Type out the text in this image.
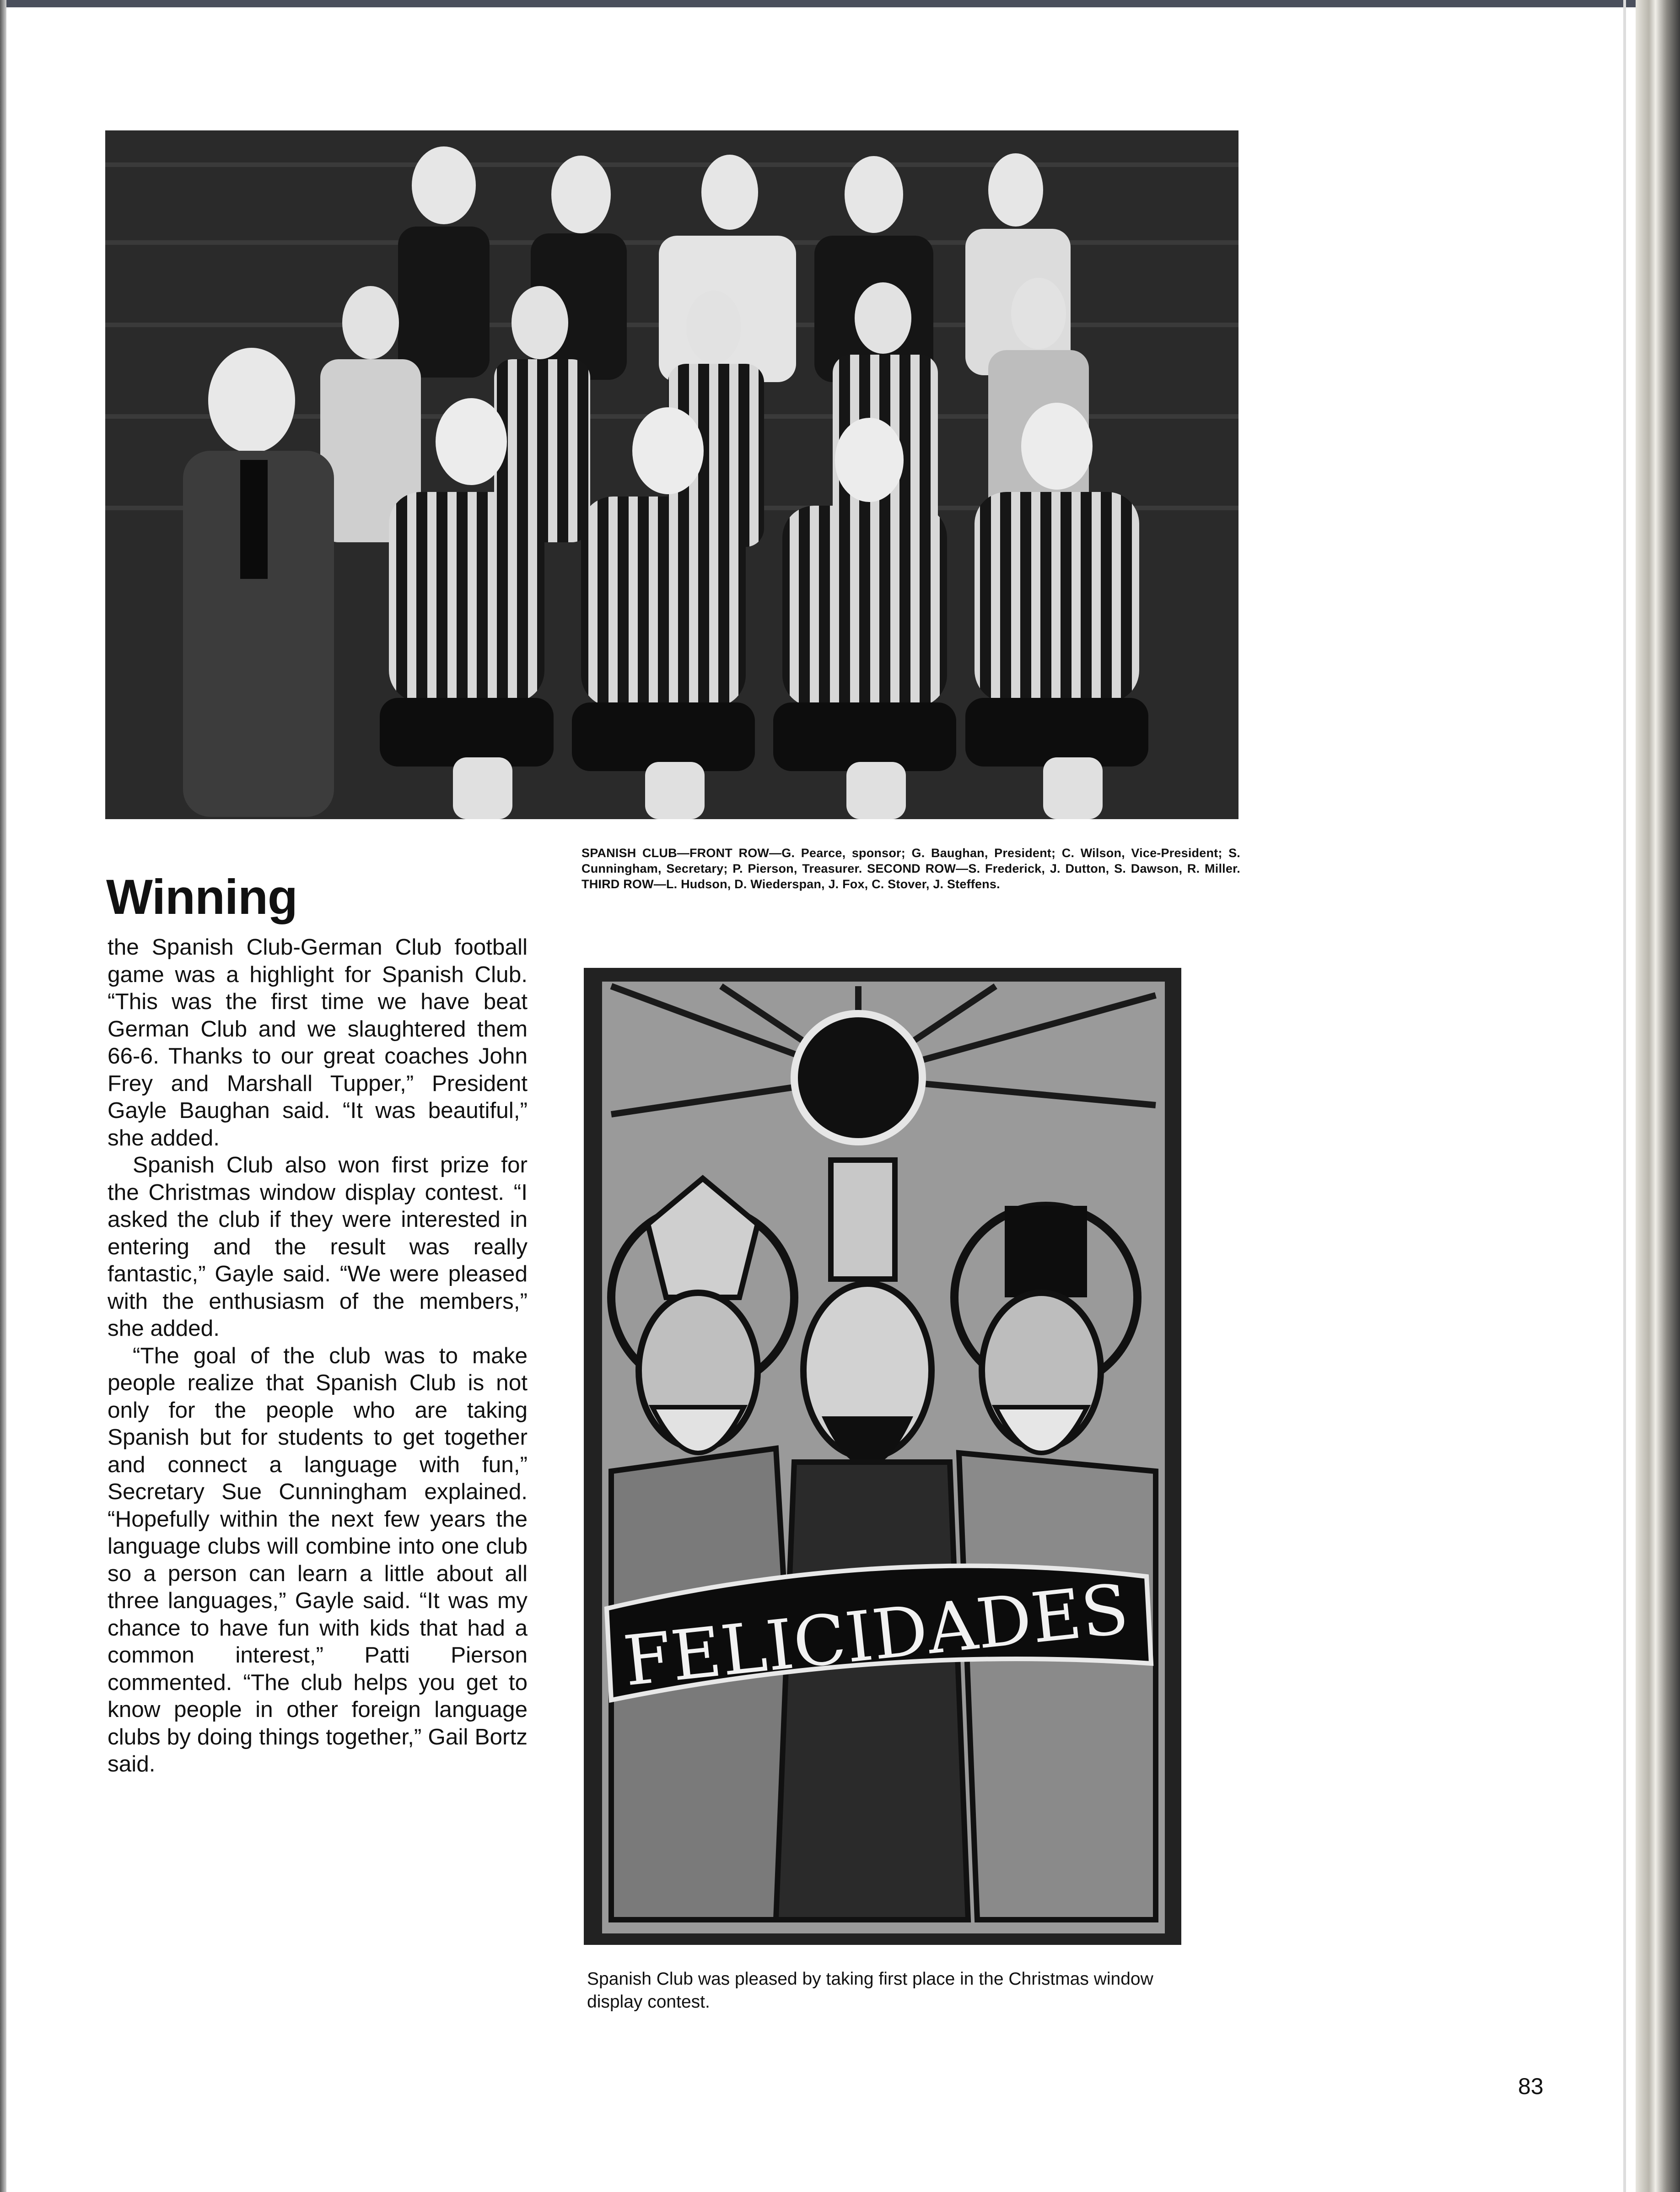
SPANISH CLUB—FRONT ROW—G. Pearce, sponsor; G. Baughan, President; C. Wilson, Vice-President; S. Cunningham, Secretary; P. Pierson, Treasurer. SECOND ROW—S. Frederick, J. Dutton, S. Dawson, R. Miller. THIRD ROW—L. Hudson, D. Wiederspan, J. Fox, C. Stover, J. Steffens.
Winning

the Spanish Club-German Club football game was a highlight for Spanish Club. “This was the first time we have beat German Club and we slaughtered them 66-6. Thanks to our great coaches John Frey and Marshall Tupper,” President Gayle Baughan said. “It was beautiful,” she added.

Spanish Club also won first prize for the Christmas window display contest. “I asked the club if they were interested in entering and the result was really fantastic,” Gayle said. “We were pleased with the enthusiasm of the members,” she added.

“The goal of the club was to make people realize that Spanish Club is not only for the people who are taking Spanish but for students to get together and connect a language with fun,” Secretary Sue Cunningham explained. “Hopefully within the next few years the language clubs will combine into one club so a person can learn a little about all three languages,” Gayle said. “It was my chance to have fun with kids that had a common interest,” Patti Pierson commented. “The club helps you get to know people in other foreign language clubs by doing things together,” Gail Bortz said.

FELICIDADES
Spanish Club was pleased by taking first place in the Christmas window display contest.
83
